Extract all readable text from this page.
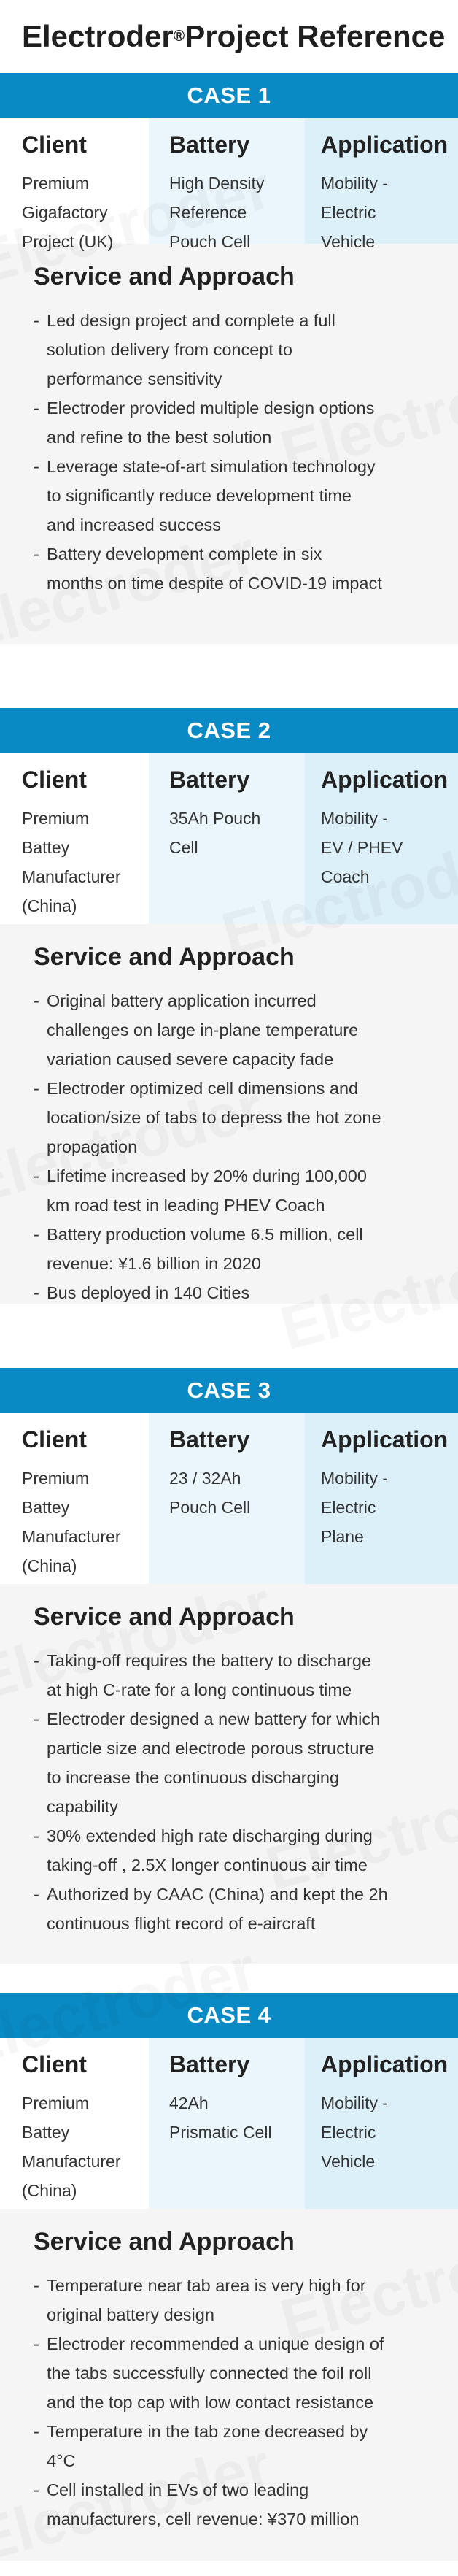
Electroder ® Project Reference
CASE 1
Client
Premium
Gigafactory
Project (UK)
Battery
High Density
Reference
Pouch Cell
Application
Mobility -
Electric
Vehicle
Service and Approach
- Led design project and complete a full
solution delivery from concept to
performance sensitivity
- Electroder provided multiple design options
and refine to the best solution
- Leverage state-of-art simulation technology
to significantly reduce development time
and increased success
- Battery development complete in six
months on time despite of COVID-19 impact
CASE 2
Client
Premium
Battey
Manufacturer
(China)
Battery
35Ah Pouch
Cell
Application
Mobility -
EV / PHEV
Coach
Service and Approach
- Original battery application incurred
challenges on large in-plane temperature
variation caused severe capacity fade
- Electroder optimized cell dimensions and
location/size of tabs to depress the hot zone
propagation
- Lifetime increased by 20% during 100,000
km road test in leading PHEV Coach
- Battery production volume 6.5 million, cell
revenue: ¥1.6 billion in 2020
- Bus deployed in 140 Cities
CASE 3
Client
Premium
Battey
Manufacturer
(China)
Battery
23 / 32Ah
Pouch Cell
Application
Mobility -
Electric
Plane
Service and Approach
- Taking-off requires the battery to discharge
at high C-rate for a long continuous time
- Electroder designed a new battery for which
particle size and electrode porous structure
to increase the continuous discharging
capability
- 30% extended high rate discharging during
taking-off , 2.5X longer continuous air time
- Authorized by CAAC (China) and kept the 2h
continuous flight record of e-aircraft
CASE 4
Client
Premium
Battey
Manufacturer
(China)
Battery
42Ah
Prismatic Cell
Application
Mobility -
Electric
Vehicle
Service and Approach
- Temperature near tab area is very high for
original battery design
- Electroder recommended a unique design of
the tabs successfully connected the foil roll
and the top cap with low contact resistance
- Temperature in the tab zone decreased by
4°C
- Cell installed in EVs of two leading
manufacturers, cell revenue: ¥370 million
